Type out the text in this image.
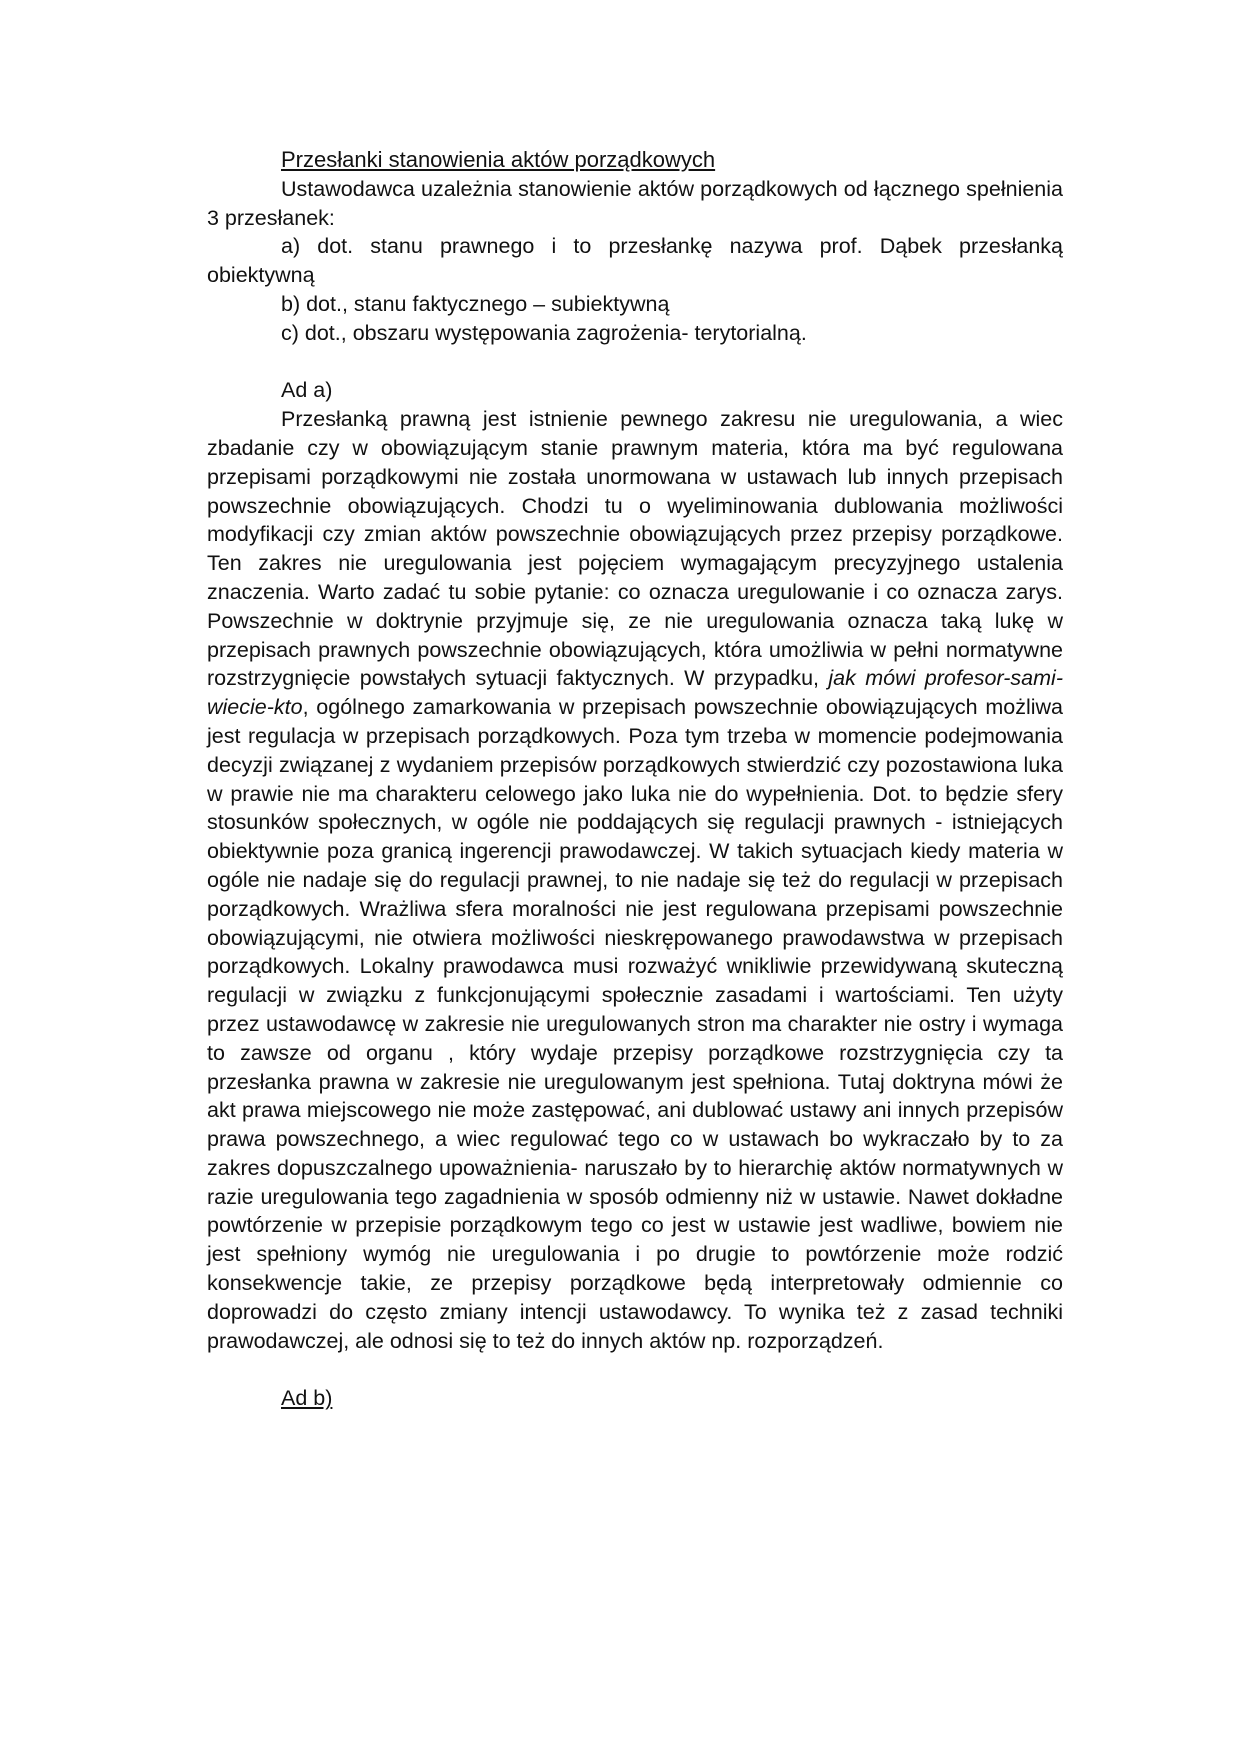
Przesłanki stanowienia aktów porządkowych

Ustawodawca uzależnia stanowienie aktów porządkowych od łącznego spełnienia 3 przesłanek:

a) dot. stanu prawnego i to przesłankę nazywa prof. Dąbek przesłanką obiektywną

b) dot., stanu faktycznego – subiektywną

c) dot., obszaru występowania zagrożenia- terytorialną.

Ad a)

Przesłanką prawną jest istnienie pewnego zakresu nie uregulowania, a wiec zbadanie czy w obowiązującym stanie prawnym materia, która ma być regulowana przepisami porządkowymi nie została unormowana w ustawach lub innych przepisach powszechnie obowiązujących. Chodzi tu o wyeliminowania dublowania możliwości modyfikacji czy zmian aktów powszechnie obowiązujących przez przepisy porządkowe. Ten zakres nie uregulowania jest pojęciem wymagającym precyzyjnego ustalenia znaczenia. Warto zadać tu sobie pytanie: co oznacza uregulowanie i co oznacza zarys. Powszechnie w doktrynie przyjmuje się, ze nie uregulowania oznacza taką lukę w przepisach prawnych powszechnie obowiązujących, która umożliwia w pełni normatywne rozstrzygnięcie powstałych sytuacji faktycznych. W przypadku, jak mówi profesor-sami-wiecie-kto, ogólnego zamarkowania w przepisach powszechnie obowiązujących możliwa jest regulacja w przepisach porządkowych. Poza tym trzeba w momencie podejmowania decyzji związanej z wydaniem przepisów porządkowych stwierdzić czy pozostawiona luka w prawie nie ma charakteru celowego jako luka nie do wypełnienia. Dot. to będzie sfery stosunków społecznych, w ogóle nie poddających się regulacji prawnych - istniejących obiektywnie poza granicą ingerencji prawodawczej. W takich sytuacjach kiedy materia w ogóle nie nadaje się do regulacji prawnej, to nie nadaje się też do regulacji w przepisach porządkowych. Wrażliwa sfera moralności nie jest regulowana przepisami powszechnie obowiązującymi, nie otwiera możliwości nieskrępowanego prawodawstwa w przepisach porządkowych. Lokalny prawodawca musi rozważyć wnikliwie przewidywaną skuteczną regulacji w związku z funkcjonującymi społecznie zasadami i wartościami. Ten użyty przez ustawodawcę w zakresie nie uregulowanych stron ma charakter nie ostry i wymaga to zawsze od organu , który wydaje przepisy porządkowe rozstrzygnięcia czy ta przesłanka prawna w zakresie nie uregulowanym jest spełniona. Tutaj doktryna mówi że akt prawa miejscowego nie może zastępować, ani dublować ustawy ani innych przepisów prawa powszechnego, a wiec regulować tego co w ustawach bo wykraczało by to za zakres dopuszczalnego upoważnienia- naruszało by to hierarchię aktów normatywnych w razie uregulowania tego zagadnienia w sposób odmienny niż w ustawie. Nawet dokładne powtórzenie w przepisie porządkowym tego co jest w ustawie jest wadliwe, bowiem nie jest spełniony wymóg nie uregulowania i po drugie to powtórzenie może rodzić konsekwencje takie, ze przepisy porządkowe będą interpretowały odmiennie co doprowadzi do często zmiany intencji ustawodawcy. To wynika też z zasad techniki prawodawczej, ale odnosi się to też do innych aktów np. rozporządzeń.

Ad b)
